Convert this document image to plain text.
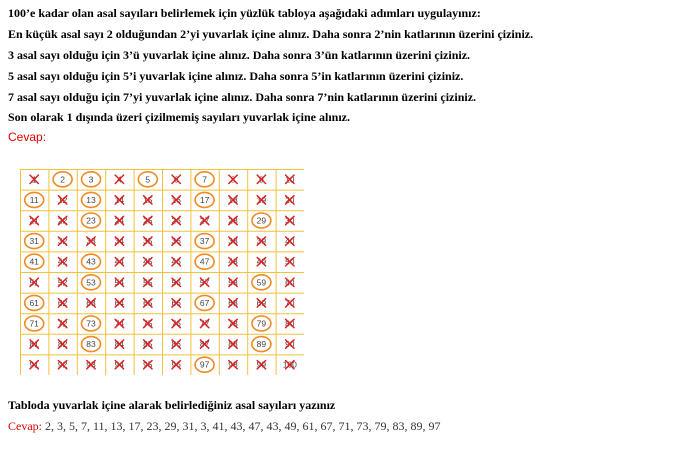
100’e kadar olan asal sayıları belirlemek için yüzlük tabloya aşağıdaki adımları uygulayınız:
En küçük asal sayı 2 olduğundan 2’yi yuvarlak içine alınız. Daha sonra 2’nin katlarının üzerini çiziniz.
3 asal sayı olduğu için 3’ü yuvarlak içine alınız. Daha sonra 3’ün katlarının üzerini çiziniz.
5 asal sayı olduğu için 5’i yuvarlak içine alınız. Daha sonra 5’in katlarının üzerini çiziniz.
7 asal sayı olduğu için 7’yi yuvarlak içine alınız. Daha sonra 7’nin katlarının üzerini çiziniz.
Son olarak 1 dışında üzeri çizilmemiş sayıları yuvarlak içine alınız.
Cevap:
1	2	3	4	5	6	7	8	9	10
11 12 13 14 15 16 17 18 19 20
21 22 23 24 25 26 27 28 29 30
31 32 33 34 35 36 37 38 39 40
41 42 43 44 45 46 47 48 49 50
51 52 53 54 55 56 57 58 59 60
61 62 63 64 65 66 67 68 69 70
71 72 73 74 75 76 77 78 79 80
81 82 83 84 85 86 87 88 89 90
91 92 93 94 95 96 97 98 99 100
Tabloda yuvarlak içine alarak belirlediğiniz asal sayıları yazınız
Cevap: 2, 3, 5, 7, 11, 13, 17, 23, 29, 31, 3, 41, 43, 47, 43, 49, 61, 67, 71, 73, 79, 83, 89, 97
